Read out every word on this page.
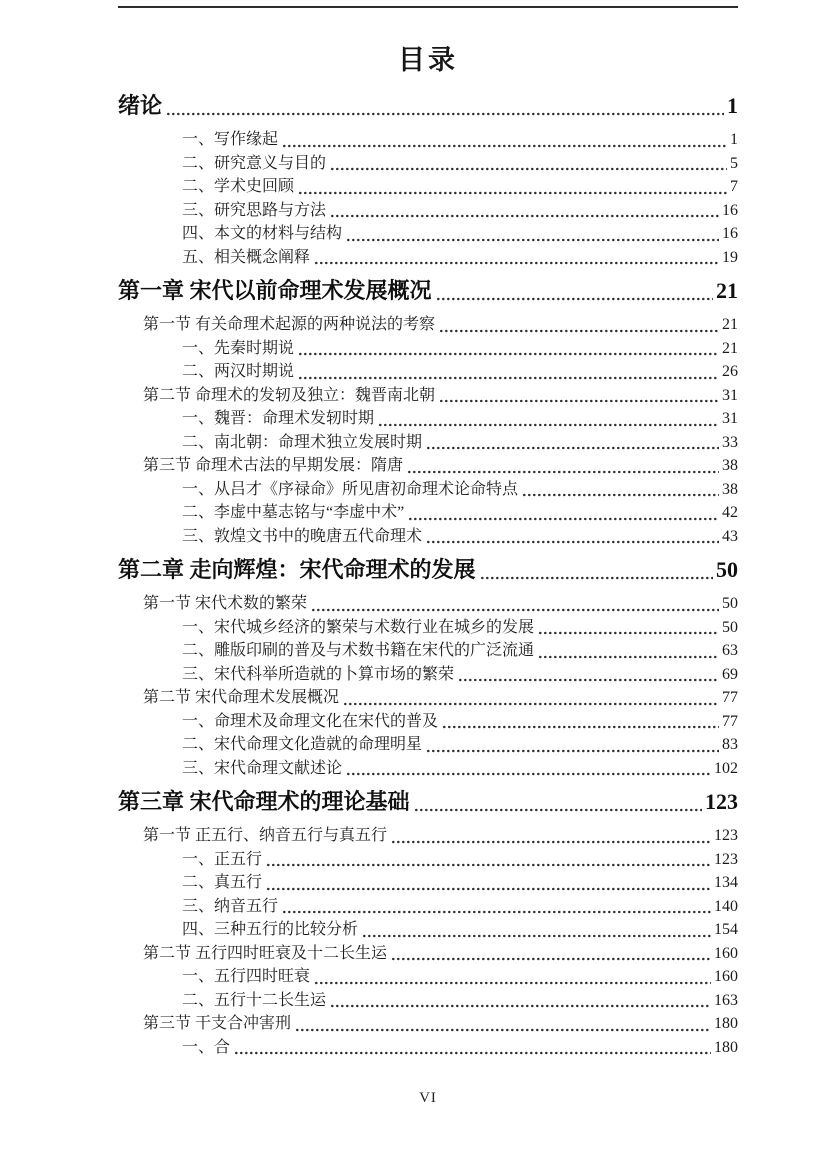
目录
绪论	1
一、写作缘起	1
二、研究意义与目的	5
二、学术史回顾	7
三、研究思路与方法	16
四、本文的材料与结构	16
五、相关概念阐释	19
第一章 宋代以前命理术发展概况	21
第一节 有关命理术起源的两种说法的考察	21
一、先秦时期说	21
二、两汉时期说	26
第二节 命理术的发轫及独立：魏晋南北朝	31
一、魏晋：命理术发轫时期	31
二、南北朝：命理术独立发展时期	33
第三节 命理术古法的早期发展：隋唐	38
一、从吕才《序禄命》所见唐初命理术论命特点	38
二、李虚中墓志铭与“李虚中术”	42
三、敦煌文书中的晚唐五代命理术	43
第二章 走向辉煌：宋代命理术的发展	50
第一节 宋代术数的繁荣	50
一、宋代城乡经济的繁荣与术数行业在城乡的发展	50
二、雕版印刷的普及与术数书籍在宋代的广泛流通	63
三、宋代科举所造就的卜算市场的繁荣	69
第二节 宋代命理术发展概况	77
一、命理术及命理文化在宋代的普及	77
二、宋代命理文化造就的命理明星	83
三、宋代命理文献述论	102
第三章 宋代命理术的理论基础	123
第一节 正五行、纳音五行与真五行	123
一、正五行	123
二、真五行	134
三、纳音五行	140
四、三种五行的比较分析	154
第二节 五行四时旺衰及十二长生运	160
一、五行四时旺衰	160
二、五行十二长生运	163
第三节 干支合冲害刑	180
一、合	180
VI
